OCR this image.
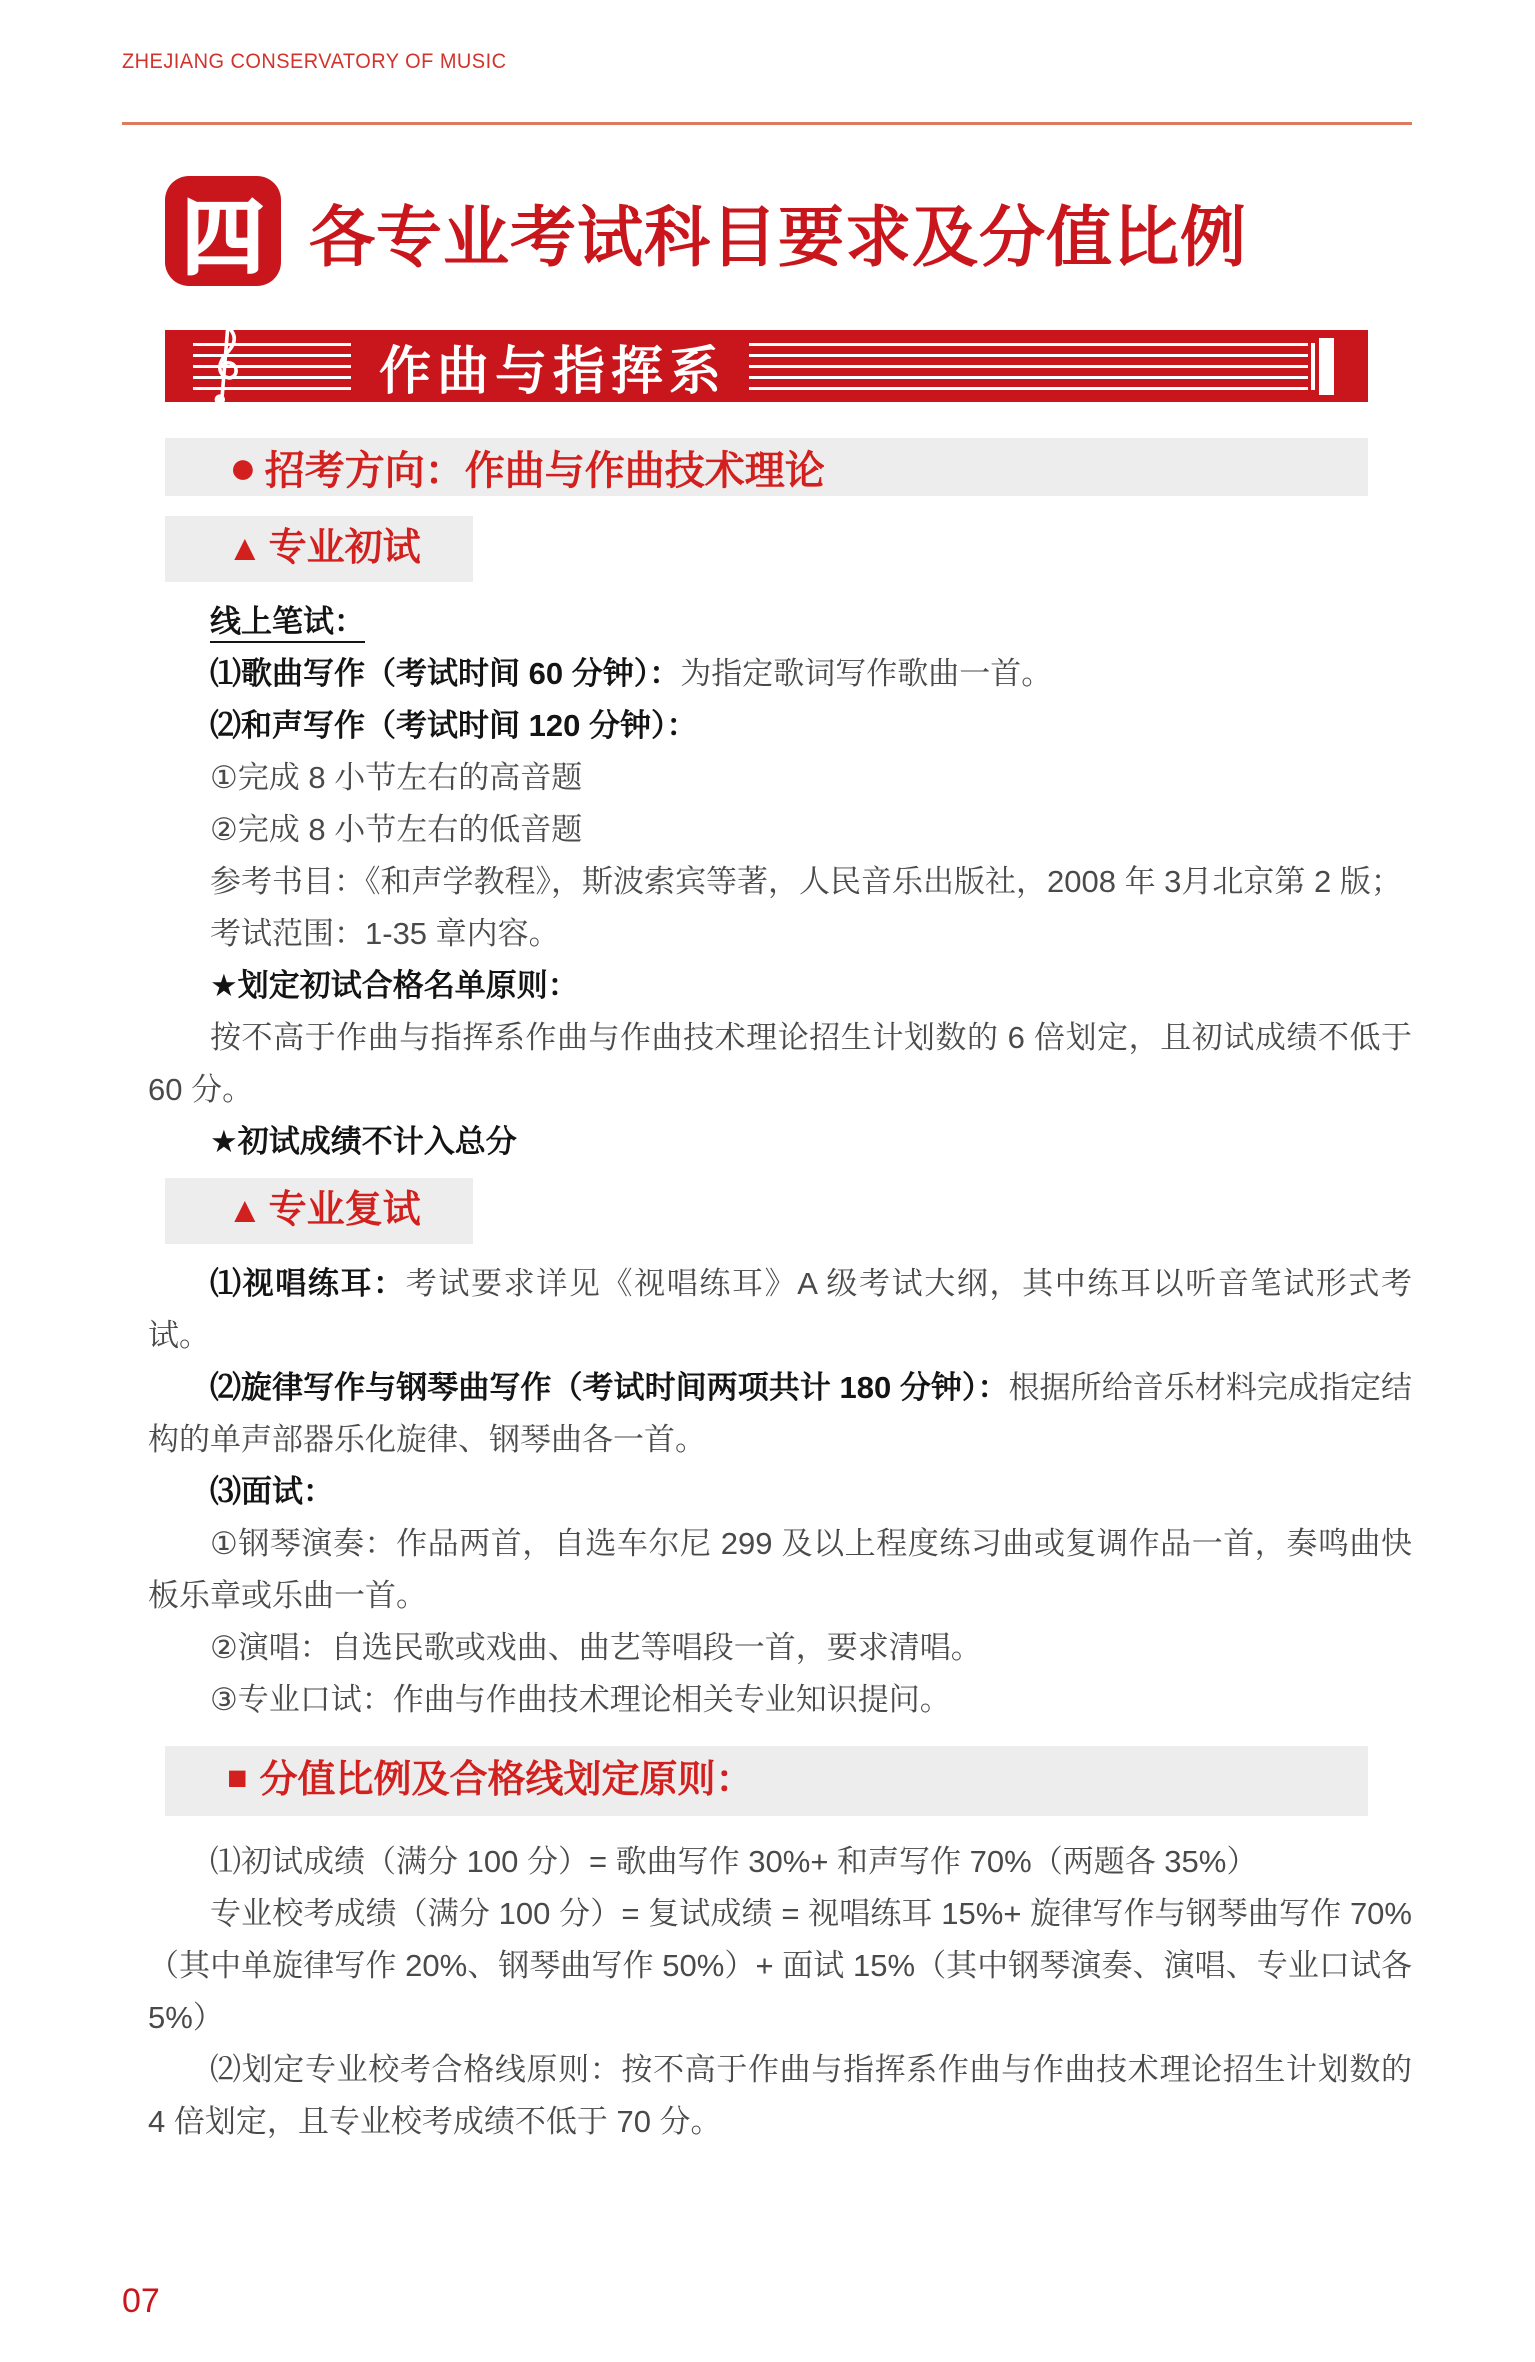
ZHEJIANG CONSERVATORY OF MUSIC
四 各专业考试科目要求及分值比例
作曲与指挥系
● 招考方向：作曲与作曲技术理论
▲ 专业初试

线上笔试：

⑴歌曲写作（考试时间 60 分钟）：为指定歌词写作歌曲一首。

⑵和声写作（考试时间 120 分钟）：

①完成 8 小节左右的高音题

②完成 8 小节左右的低音题

参考书目：《和声学教程》，斯波索宾等著，人民音乐出版社，2008 年 3月北京第 2 版；

考试范围：1-35 章内容。

★划定初试合格名单原则：

按不高于作曲与指挥系作曲与作曲技术理论招生计划数的 6 倍划定，且初试成绩不低于 60 分。

★初试成绩不计入总分

▲ 专业复试

⑴视唱练耳：考试要求详见《视唱练耳》A 级考试大纲，其中练耳以听音笔试形式考试。

⑵旋律写作与钢琴曲写作（考试时间两项共计 180 分钟）：根据所给音乐材料完成指定结构的单声部器乐化旋律、钢琴曲各一首。

⑶面试：

①钢琴演奏：作品两首，自选车尔尼 299 及以上程度练习曲或复调作品一首，奏鸣曲快板乐章或乐曲一首。

②演唱：自选民歌或戏曲、曲艺等唱段一首，要求清唱。

③专业口试：作曲与作曲技术理论相关专业知识提问。

■ 分值比例及合格线划定原则：

⑴初试成绩（满分 100 分）= 歌曲写作 30%+ 和声写作 70%（两题各 35%）

专业校考成绩（满分 100 分）= 复试成绩 = 视唱练耳 15%+ 旋律写作与钢琴曲写作 70%（其中单旋律写作 20%、钢琴曲写作 50%）+ 面试 15%（其中钢琴演奏、演唱、专业口试各 5%）

⑵划定专业校考合格线原则：按不高于作曲与指挥系作曲与作曲技术理论招生计划数的 4 倍划定，且专业校考成绩不低于 70 分。

07
